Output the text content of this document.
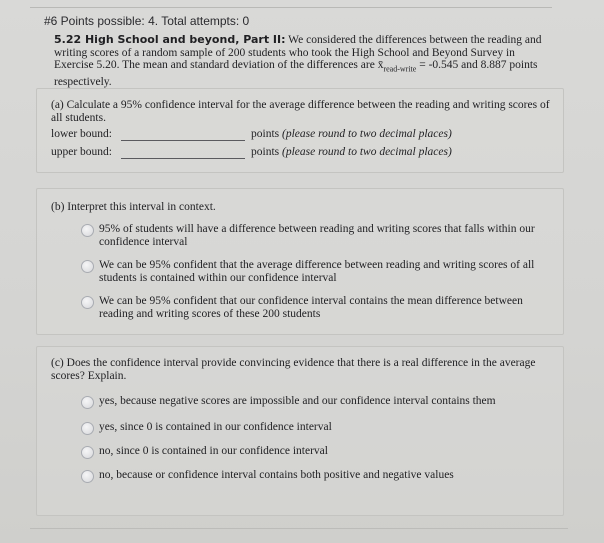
#6 Points possible: 4. Total attempts: 0
5.22 High School and beyond, Part II: We considered the differences between the reading and writing scores of a random sample of 200 students who took the High School and Beyond Survey in Exercise 5.20. The mean and standard deviation of the differences are $x̄_{read-write} = -0.545$ and 8.887 points respectively.
(a) Calculate a 95% confidence interval for the average difference between the reading and writing scores of all students.
lower bound:	points
(please round to two decimal places)
upper bound:	points
(please round to two decimal places)
(b) Interpret this interval in context.
95% of students will have a difference between reading and writing scores that falls within our confidence interval
We can be 95% confident that the average difference between reading and writing scores of all students is contained within our confidence interval
We can be 95% confident that our confidence interval contains the mean difference between reading and writing scores of these 200 students
(c) Does the confidence interval provide convincing evidence that there is a real difference in the average scores? Explain.
yes, because negative scores are impossible and our confidence interval contains them
yes, since 0 is contained in our confidence interval
no, since 0 is contained in our confidence interval
no, because or confidence interval contains both positive and negative values
